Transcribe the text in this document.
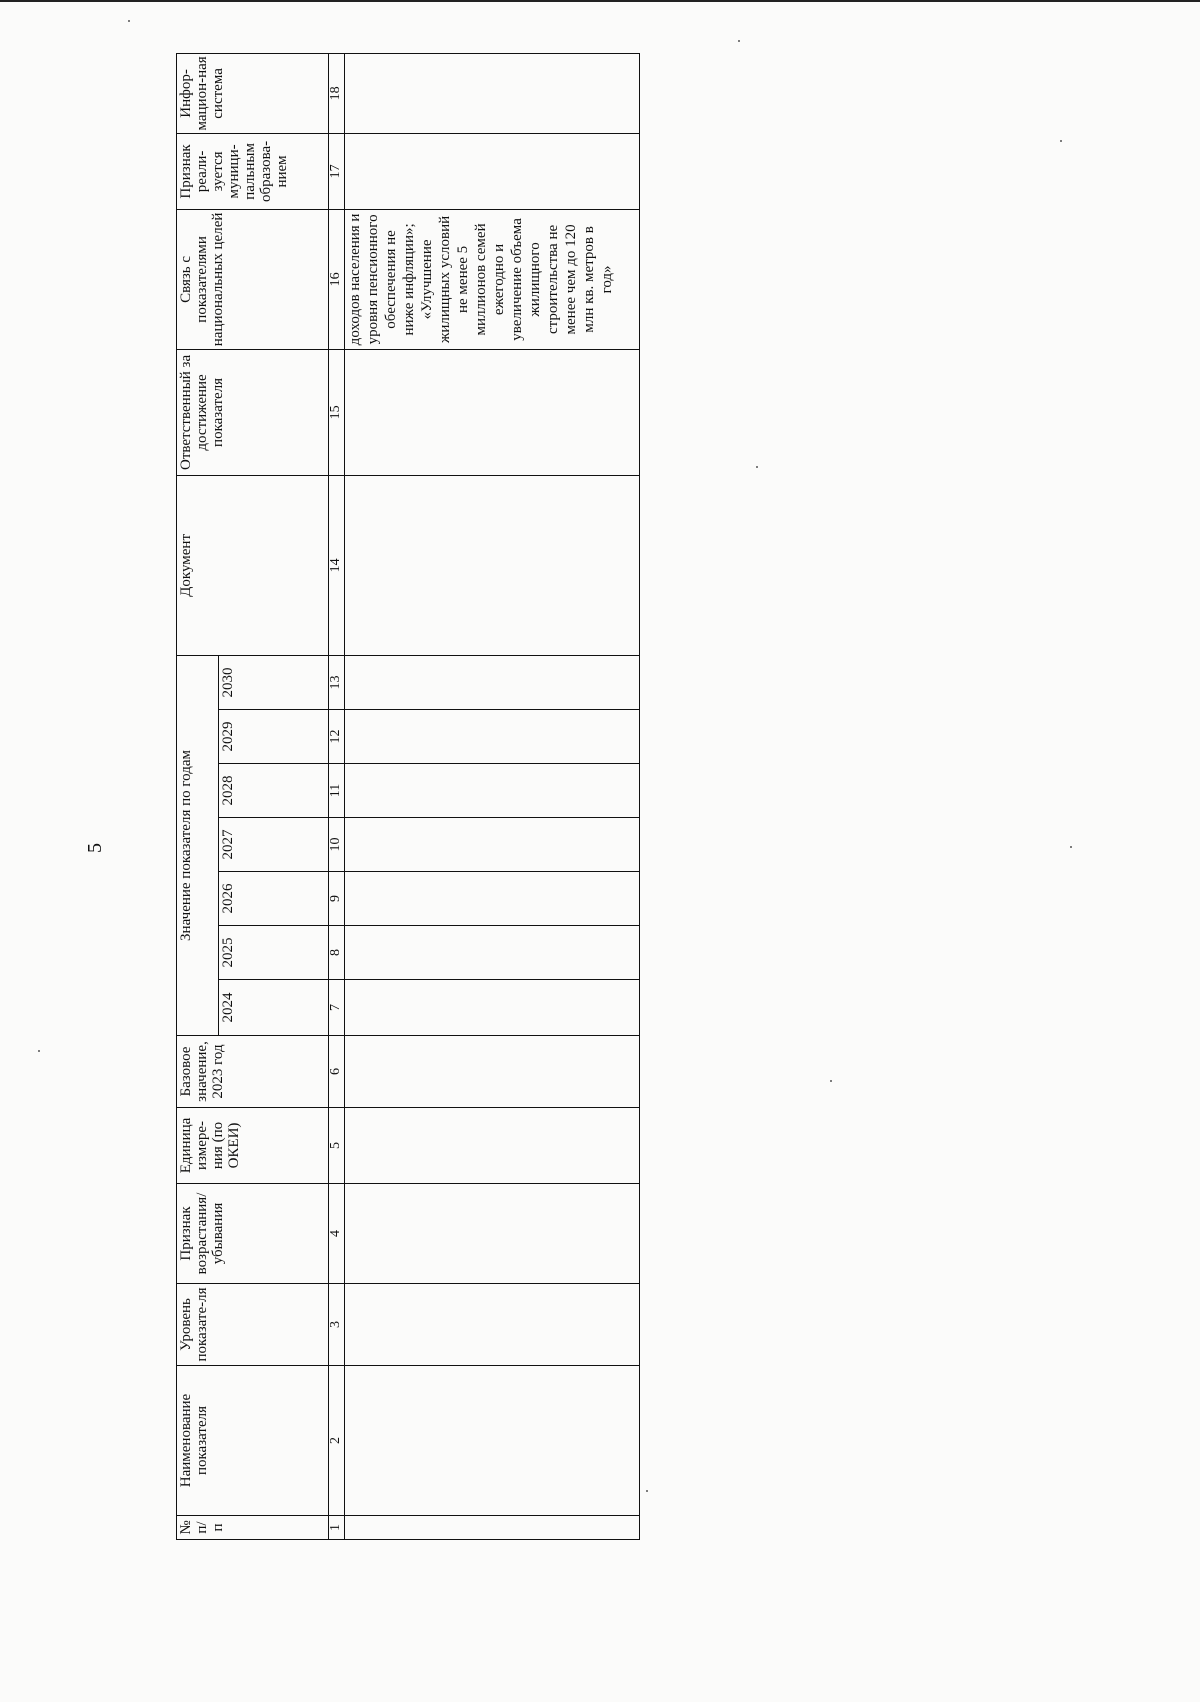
5
№ п/п	Наименование показателя	Уровень показате-ля	Признак возрастания/ убывания	Единица измере-ния (по ОКЕИ)	Базовое значение, 2023 год	Значение показателя по годам							Документ	Ответственный за достижение показателя	Связь с показателями национальных целей	Признак реали-зуется муници-пальным образова-нием	Инфор-мацион-ная система
						2024	2025	2026	2027	2028	2029	2030					
1	2	3	4	5	6	7	8	9	10	11	12	13	14	15	16	17	18
															доходов населения и уровня пенсионного обеспечения не ниже инфляции»; «Улучшение жилищных условий не менее 5 миллионов семей ежегодно и увеличение объема жилищного строительства не менее чем до 120 млн кв. метров в год»		
